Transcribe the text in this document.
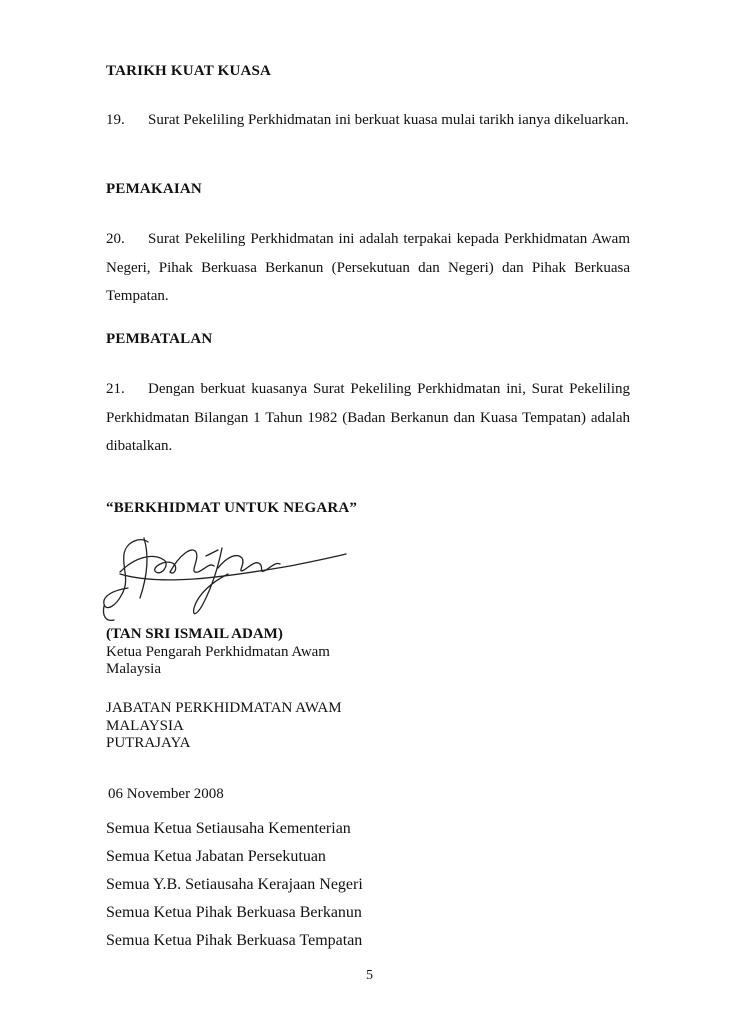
TARIKH KUAT KUASA
19. Surat Pekeliling Perkhidmatan ini berkuat kuasa mulai tarikh ianya dikeluarkan.
PEMAKAIAN
20. Surat Pekeliling Perkhidmatan ini adalah terpakai kepada Perkhidmatan Awam Negeri, Pihak Berkuasa Berkanun (Persekutuan dan Negeri) dan Pihak Berkuasa Tempatan.
PEMBATALAN
21. Dengan berkuat kuasanya Surat Pekeliling Perkhidmatan ini, Surat Pekeliling Perkhidmatan Bilangan 1 Tahun 1982 (Badan Berkanun dan Kuasa Tempatan) adalah dibatalkan.
“BERKHIDMAT UNTUK NEGARA”
(TAN SRI ISMAIL ADAM)
Ketua Pengarah Perkhidmatan Awam
Malaysia
JABATAN PERKHIDMATAN AWAM
MALAYSIA
PUTRAJAYA
06 November 2008
Semua Ketua Setiausaha Kementerian
Semua Ketua Jabatan Persekutuan
Semua Y.B. Setiausaha Kerajaan Negeri
Semua Ketua Pihak Berkuasa Berkanun
Semua Ketua Pihak Berkuasa Tempatan
5
